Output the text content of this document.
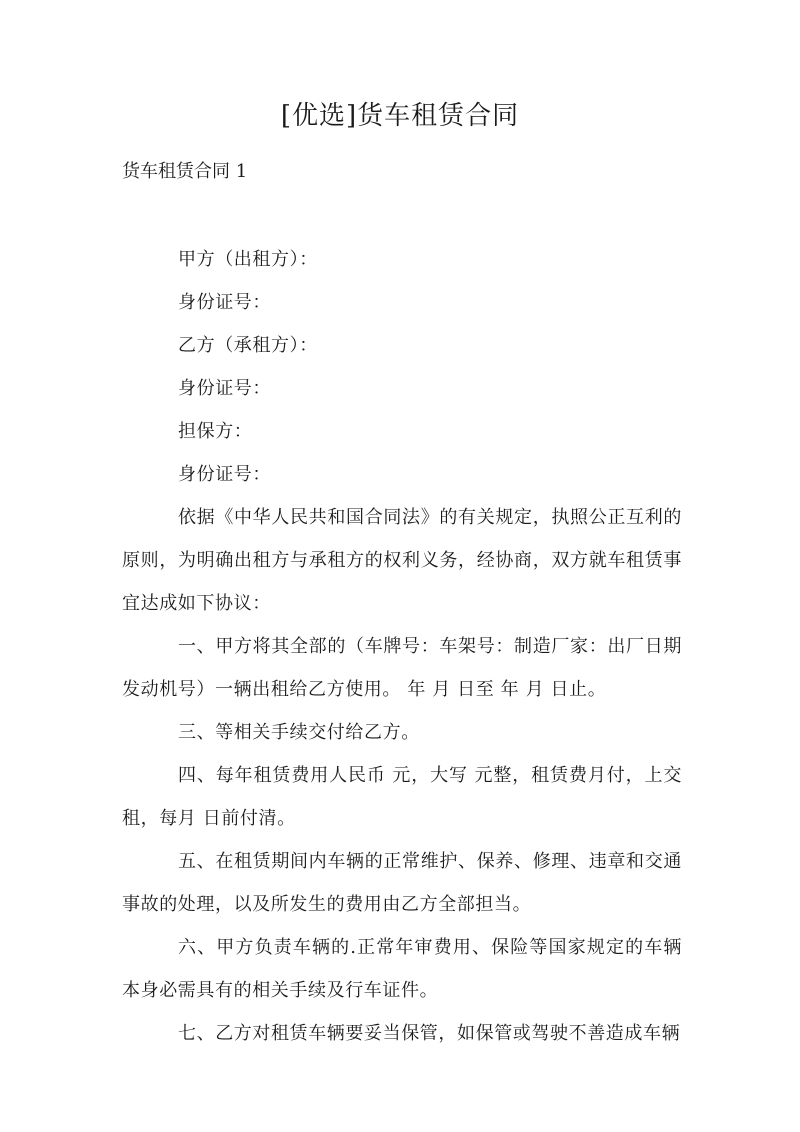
[优选]货车租赁合同
货车租赁合同 1

甲方（出租方）：

身份证号：

乙方（承租方）：

身份证号：

担保方：

身份证号：

依据《中华人民共和国合同法》的有关规定，执照公正互利的原则，为明确出租方与承租方的权利义务，经协商，双方就车租赁事宜达成如下协议：

一、甲方将其全部的（车牌号：车架号：制造厂家：出厂日期发动机号）一辆出租给乙方使用。 年 月 日至 年 月 日止。

三、等相关手续交付给乙方。

四、每年租赁费用人民币 元，大写 元整，租赁费月付，上交租，每月 日前付清。

五、在租赁期间内车辆的正常维护、保养、修理、违章和交通事故的处理，以及所发生的费用由乙方全部担当。

六、甲方负责车辆的.正常年审费用、保险等国家规定的车辆本身必需具有的相关手续及行车证件。

七、乙方对租赁车辆要妥当保管，如保管或驾驶不善造成车辆
